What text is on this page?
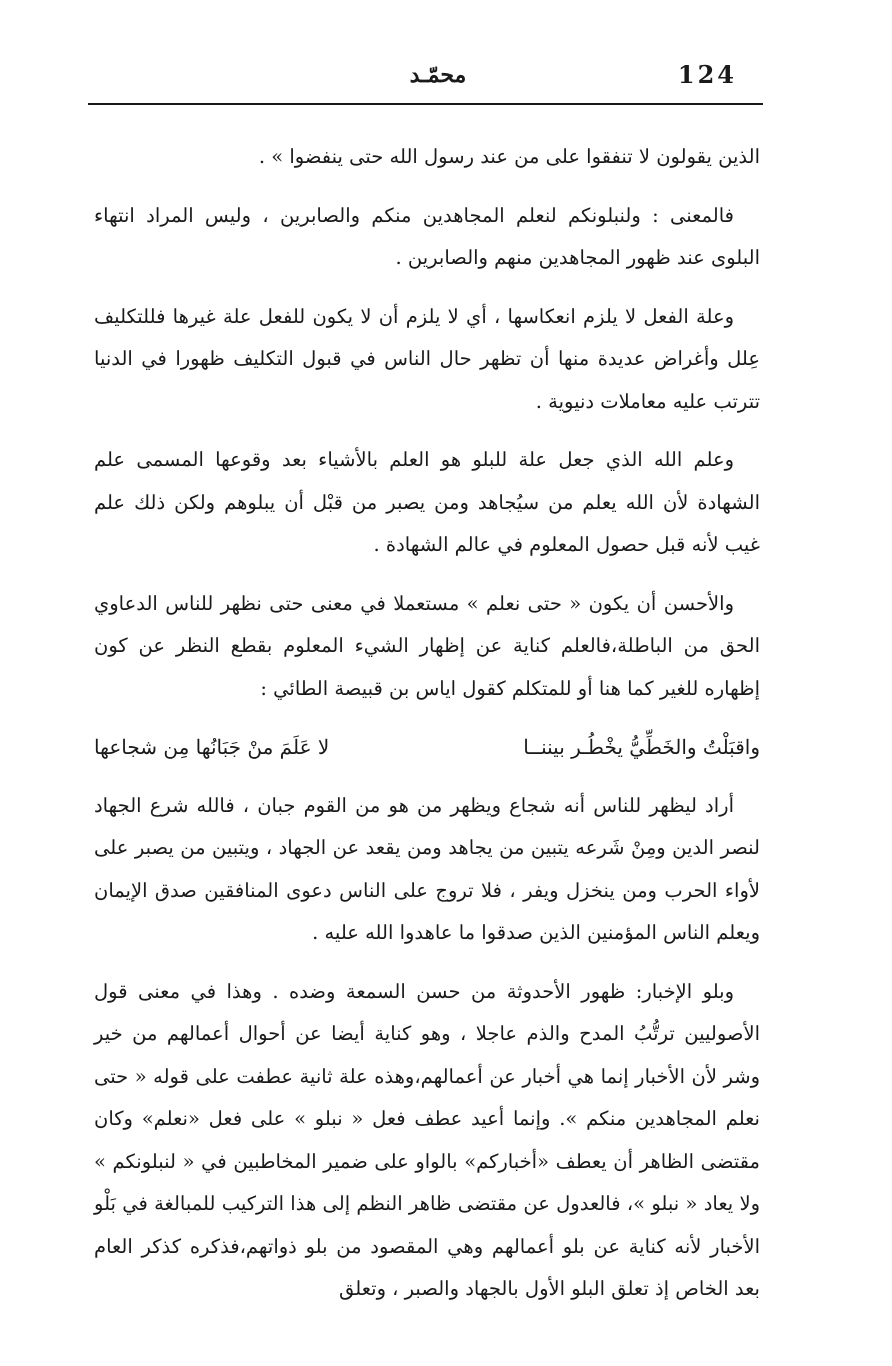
124
محمّـد

الذين يقولون لا تنفقوا على من عند رسول الله حتى ينفضوا » .

فالمعنى : ولنبلونكم لنعلم المجاهدين منكم والصابرين ، وليس المراد انتهاء البلوى عند ظهور المجاهدين منهم والصابرين .

وعلة الفعل لا يلزم انعكاسها ، أي لا يلزم أن لا يكون للفعل علة غيرها فللتكليف عِلل وأغراض عديدة منها أن تظهر حال الناس في قبول التكليف ظهورا في الدنيا تترتب عليه معاملات دنيوية .

وعلم الله الذي جعل علة للبلو هو العلم بالأشياء بعد وقوعها المسمى علم الشهادة لأن الله يعلم من سيُجاهد ومن يصبر من قبْل أن يبلوهم ولكن ذلك علم غيب لأنه قبل حصول المعلوم في عالم الشهادة .

والأحسن أن يكون « حتى نعلم » مستعملا في معنى حتى نظهر للناس الدعاوي الحق من الباطلة،فالعلم كناية عن إظهار الشيء المعلوم بقطع النظر عن كون إظهاره للغير كما هنا أو للمتكلم كقول اياس بن قبيصة الطائي :

واقبَلْتُ والخَطِّيُّ يخْطُـر بيننــا
لا عَلَمَ منْ جَبَانُها مِن شجاعها

أراد ليظهر للناس أنه شجاع ويظهر من هو من القوم جبان ، فالله شرع الجهاد لنصر الدين ومِنْ شَرعه يتبين من يجاهد ومن يقعد عن الجهاد ، ويتبين من يصبر على لأواء الحرب ومن ينخزل ويفر ، فلا تروج على الناس دعوى المنافقين صدق الإيمان ويعلم الناس المؤمنين الذين صدقوا ما عاهدوا الله عليه .

وبلو الإخبار: ظهور الأحدوثة من حسن السمعة وضده . وهذا في معنى قول الأصوليين ترتُّبُ المدح والذم عاجلا ، وهو كناية أيضا عن أحوال أعمالهم من خير وشر لأن الأخبار إنما هي أخبار عن أعمالهم،وهذه علة ثانية عطفت على قوله « حتى نعلم المجاهدين منكم ». وإنما أعيد عطف فعل « نبلو » على فعل «نعلم» وكان مقتضى الظاهر أن يعطف «أخباركم» بالواو على ضمير المخاطبين في « لنبلونكم » ولا يعاد « نبلو »، فالعدول عن مقتضى ظاهر النظم إلى هذا التركيب للمبالغة في بَلْو الأخبار لأنه كناية عن بلو أعمالهم وهي المقصود من بلو ذواتهم،فذكره كذكر العام بعد الخاص إذ تعلق البلو الأول بالجهاد والصبر ، وتعلق
